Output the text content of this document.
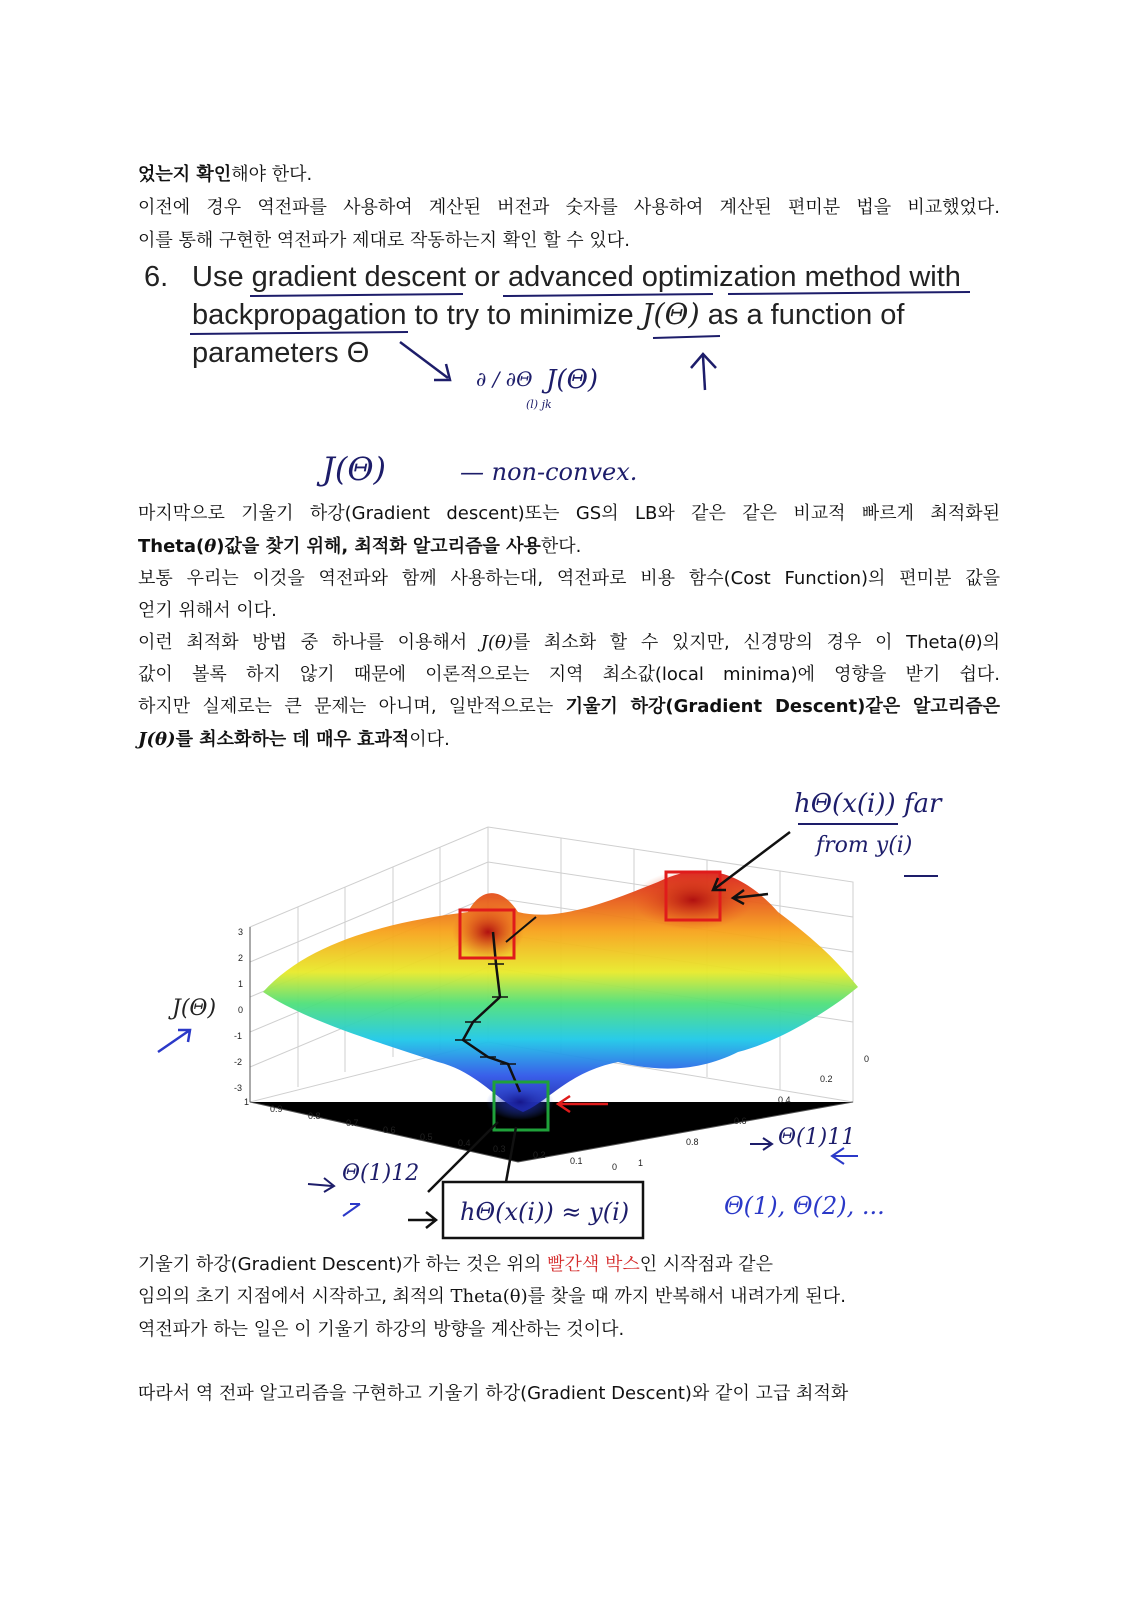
었는지 확인해야 한다.
이전에 경우 역전파를 사용하여 계산된 버전과 숫자를 사용하여 계산된 편미분 법을 비교했었다.
이를 통해 구현한 역전파가 제대로 작동하는지 확인 할 수 있다.
6. Use gradient descent or advanced optimization method with
backpropagation to try to minimize J(Θ) as a function of
parameters Θ
∂ / ∂Θ
(l) jk
J(Θ)
J(Θ)	— non-convex.
마지막으로 기울기 하강(Gradient descent)또는 GS의 LB와 같은 같은 비교적 빠르게 최적화된
Theta(θ)값을 찾기 위해, 최적화 알고리즘을 사용한다.
보통 우리는 이것을 역전파와 함께 사용하는대, 역전파로 비용 함수(Cost Function)의 편미분 값을
얻기 위해서 이다.
이런 최적화 방법 중 하나를 이용해서 J(θ)를 최소화 할 수 있지만, 신경망의 경우 이 Theta(θ)의
값이 볼록 하지 않기 때문에 이론적으로는 지역 최소값(local minima)에 영향을 받기 쉽다.
하지만 실제로는 큰 문제는 아니며, 일반적으로는 기울기 하강(Gradient Descent)같은 알고리즘은
J(θ)를 최소화하는 데 매우 효과적이다.
3
2
1
0
-1
-2
-3
1
0.9
0.8
0.7
0.6
0.5
0.4
0.3
0.2
0.1
0
0
0.2
0.4
0.6
0.8
1
J(Θ)
hΘ(x(i)) far
from y(i)
Θ(1)12
Θ(1)11
hΘ(x(i)) ≈ y(i)	Θ(1), Θ(2), ...
기울기 하강(Gradient Descent)가 하는 것은 위의 빨간색 박스인 시작점과 같은
임의의 초기 지점에서 시작하고, 최적의 Theta(θ)를 찾을 때 까지 반복해서 내려가게 된다.
역전파가 하는 일은 이 기울기 하강의 방향을 계산하는 것이다.
따라서 역 전파 알고리즘을 구현하고 기울기 하강(Gradient Descent)와 같이 고급 최적화
